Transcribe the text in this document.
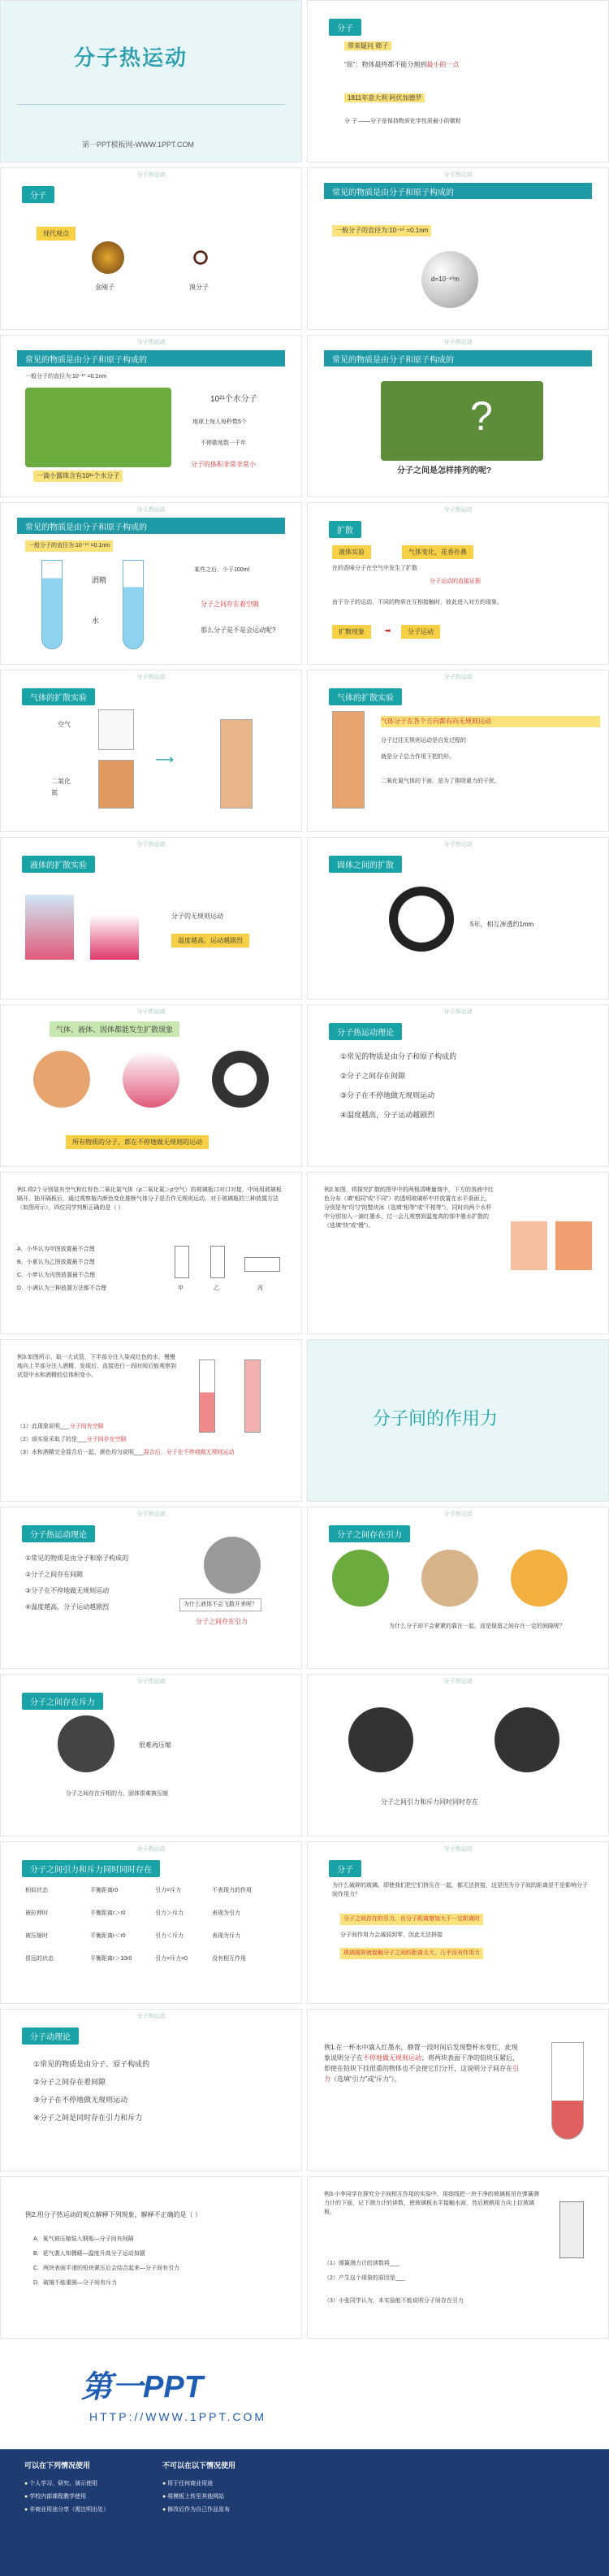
分子热运动
第一PPT模板网-WWW.1PPT.COM
分子
带来疑问 筛子
“原”：物体最终都不能分割到最小的一点
1811年意大利 阿伏加德罗
分 子 ——分子是保持物质化学性质最小的微粒
分子热运动
分子
现代观点
金刚子	溴分子
分子热运动
常见的物质是由分子和原子构成的
一般分子的直径为:10⁻¹⁰ =0.1nm
d=10⁻¹⁰m
分子热运动
常见的物质是由分子和原子构成的
一般分子的直径为:10⁻¹⁰ =0.1nm
一滴小露珠含有10²¹个水分子
10²¹个水分子
地球上每人每秒数5个
不停歇地数一千年
分子的体积非常非常小
分子热运动
常见的物质是由分子和原子构成的
?
分子之间是怎样排列的呢?
分子热运动
常见的物质是由分子和原子构成的
一般分子的直径为:10⁻¹⁰ =0.1nm
酒精
水
某些之后，少于100ml
分子之间存在着空隙
那么分子是不是会运动呢?
分子热运动
扩散
液体实验	气体变化，花香扑鼻
在的香味分子在空气中发生了扩散
分子运动的直接证据
由于分子的运动，不同的物质在互相接触时，彼此进入对方的现象。
扩散现象	➡	分子运动
分子热运动
气体的扩散实验
空气
二氧化氮
⟶
分子热运动
气体的扩散实验
气体分子在各个方向都有向无规则运动
分子过往无规则运动是自发过程的
就是分子总力作用下把的形。
二氧化氮气体的下面，是为了排除重力的干扰。
分子热运动
液体的扩散实验
分子的无规则运动
温度越高，运动越剧烈
分子热运动
固体之间的扩散
5年，相互渗透约1mm
分子热运动
气体、液体、固体都能发生扩散现象
所有物质的分子，都在不停地做无规则的运动
分子热运动
分子热运动理论
①常见的物质是由分子和原子构成的
②分子之间存在间隙
③分子在不停地做无规则运动
④温度越高，分子运动越剧烈
例1.将2个分别装有空气和红棕色二氧化氮气体（ρ二氧化氮＞ρ空气）的玻璃瓶口对口对接，中间用玻璃板隔开。抽开隔板后，通过观察瓶内颜色变化推断气体分子是否作无规则运动。对于玻璃瓶的三种放置方法（如图所示），四位同学判断正确的是（ ）
A．小华认为甲图放置最不合理
B．小夏认为乙图放置最不合理
C．小梦认为丙图放置最不合理
D．小满认为三种放置方法都不合理	甲	乙	丙
例2.如图，将探究扩散的图甲中的两根清晰量筒中，下方的溶液中红色分布（填“相同”或“不同”）的透明玻璃杯中并放置在水平桌面上，分别是有“均匀”的整块冰（选填“相等”或“不相等”），同时向两个水杯中分别加入一滴红墨水，过一会儿观察到温度高的那中墨水扩散的（选填“快”或“慢”）。
例3.如图所示，取一大试管，下半部分注入染成红色的水，慢慢地向上半部分注入酒精，发现后，直接进行一段时间后能观察到试管中水和酒精的总体积变小。
（1）此现象说明___分子间有空隙
（2）该实验采取了的是___分子间存在空隙
（3）水和酒精完全混合后一起，颜色均匀说明___混合后，分子在不停地做无规则运动
分子间的作用力
分子热运动
分子热运动理论
①常见的物质是由分子和原子构成的
②分子之间存在间隙
③分子在不停地做无规则运动
④温度越高，分子运动越剧烈	为什么液体不会飞散开来呢？
分子之间存在引力
分子热运动
分子之间存在引力
为什么分子却不会紧紧的靠在一起，而是保留之间存在一定的间隙呢？
分子热运动
分子之间存在斥力
很难再压缩
分子之间存在斥相的力，固体很难被压缩
分子热运动
分子之间引力和斥力同时同时存在
分子热运动
分子之间引力和斥力同时同时存在
相似状态	平衡距离r0	引力=斥力	不表现力的作用
被拉伸时	平衡距离r＞r0	引力＞斥力	表现为引力
被压缩时	平衡距离r＜r0	引力＜斥力	表现为斥力
很远的状态	平衡距离r＞10r0	引力=斥力=0	没有相互作用
分子热运动
分子
为什么破碎的玻璃、即使我们把它们挤压在一起，都无法拼接，这是因为分子间的距离是不是影响分子间作用力？
分子之间存在的引力，在分子距离增加大于一定距离时
分子间作用力会减弱到零，因此无法拼接
玻璃破碎就接触分子之间的距离太大，几乎没有作用力
分子热运动
分子动理论
①常见的物质是由分子、原子构成的
②分子之间存在着间隙
③分子在不停地做无规则运动
④分子之间是同时存在引力和斥力
例1.在一杯水中滴入红墨水，静置一段时间后发现整杯水变红，此现象说明分子在不停地做无规则运动；将两块表面干净的铅块压紧后，即使在铅块下挂很重的物体也不会使它们分开，这说明分子间存在引力（选填“引力”或“斥力”）。
例2.用分子热运动的观点解释下列现象，解释不正确的是（ ）
A．氧气被压缩装入钢瓶—分子间有间隔
B．花气袭人知骤暖—温度升高分子运动加剧
C．两块表面平滑的铅块紧压后会结合起来—分子间有引力
D．破镜不能重圆—分子间有斥力
例3.小李同学在探究分子间相互作用的实验中，用细线把一块干净的玻璃板吊在弹簧测力计的下面，记下测力计的读数，使玻璃板水平接触水面，然后稍稍用力向上拉玻璃板。
（1）弹簧测力计的读数将___
（2）产生这个现象的原因是___
（3）小张同学认为，本实验能不能说明分子间存在引力
第一PPT
HTTP://WWW.1PPT.COM
可以在下列情况使用
● 个人学习、研究、演示使用
● 学校内部课程教学使用
● 非商业用途分享（需注明出处）
不可以在以下情况使用
● 用于任何商业用途
● 将模板上传至其他网站
● 修改后作为自己作品发布
